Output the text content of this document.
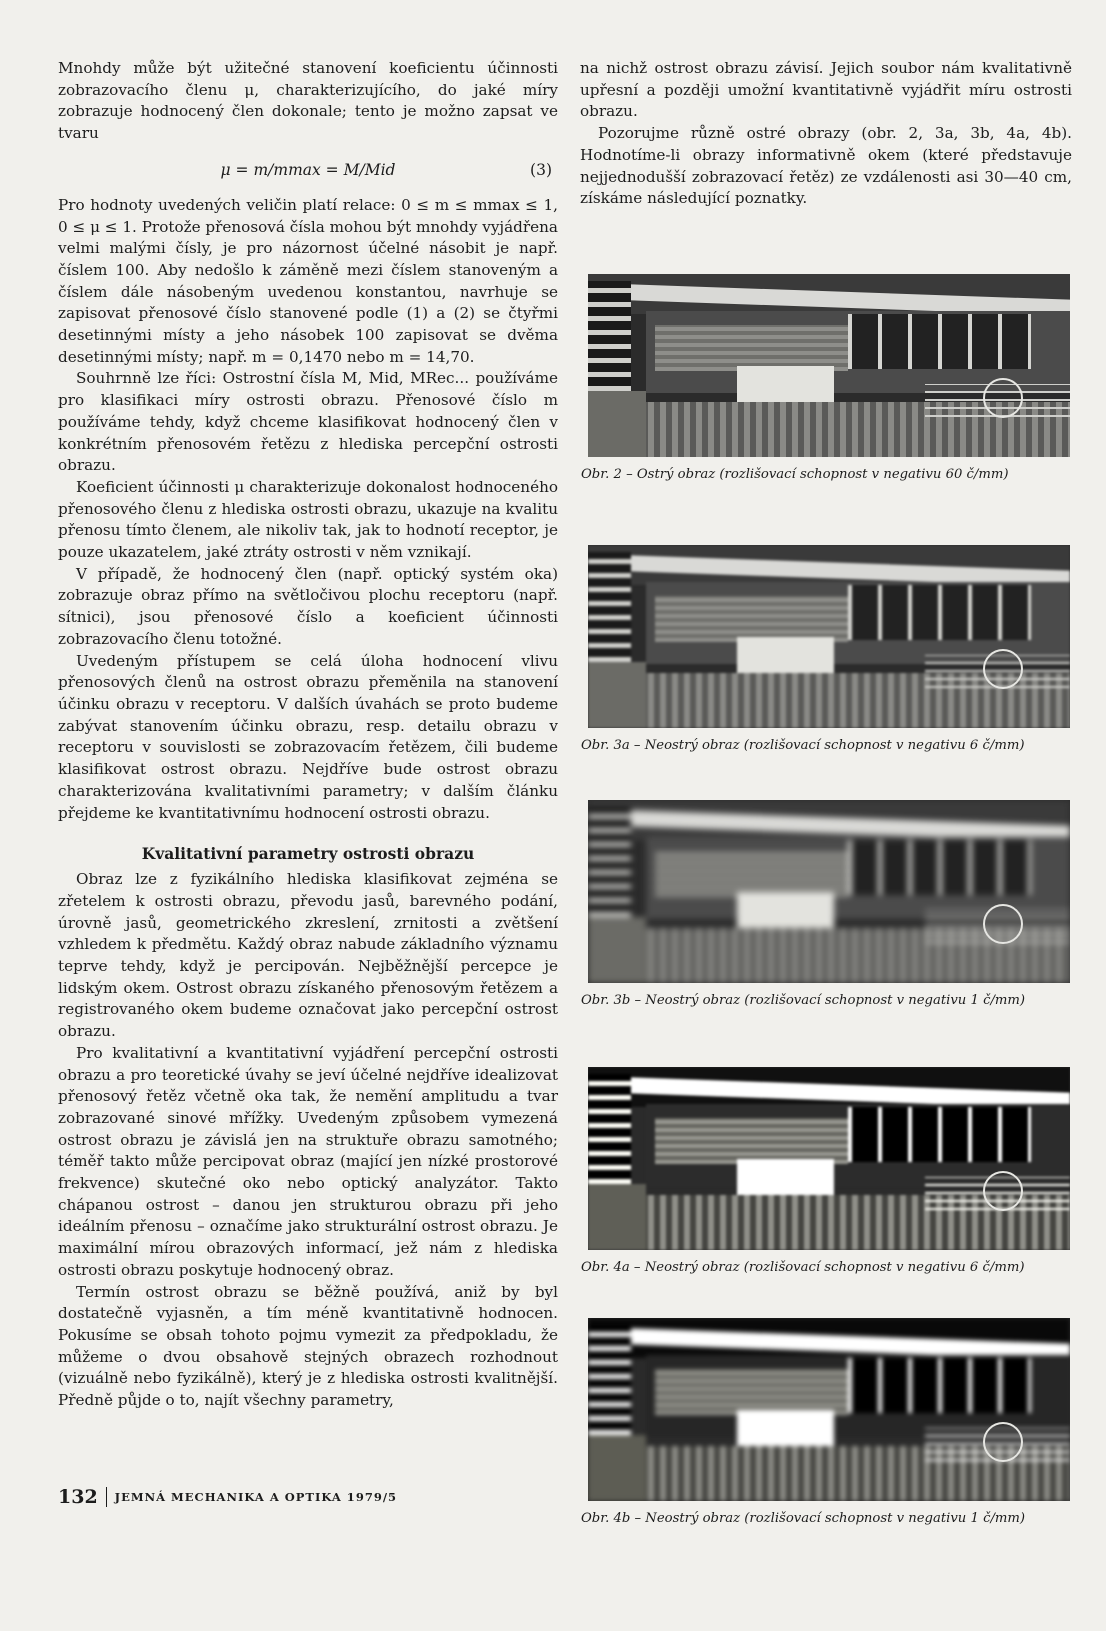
Mnohdy může být užitečné stanovení koeficientu účinnosti zobrazovacího členu μ, charakterizujícího, do jaké míry zobrazuje hodnocený člen dokonale; tento je možno zapsat ve tvaru

μ = m/mmax = M/Mid	(3)

Pro hodnoty uvedených veličin platí relace: 0 ≤ m ≤ mmax ≤ 1, 0 ≤ μ ≤ 1. Protože přenosová čísla mohou být mnohdy vyjádřena velmi malými čísly, je pro názornost účelné násobit je např. číslem 100. Aby nedošlo k záměně mezi číslem stanoveným a číslem dále násobeným uvedenou konstantou, navrhuje se zapisovat přenosové číslo stanovené podle (1) a (2) se čtyřmi desetinnými místy a jeho násobek 100 zapisovat se dvěma desetinnými místy; např. m = 0,1470 nebo m = 14,70.

Souhrnně lze říci: Ostrostní čísla M, Mid, MRec... používáme pro klasifikaci míry ostrosti obrazu. Přenosové číslo m používáme tehdy, když chceme klasifikovat hodnocený člen v konkrétním přenosovém řetězu z hlediska percepční ostrosti obrazu.

Koeficient účinnosti μ charakterizuje dokonalost hodnoceného přenosového členu z hlediska ostrosti obrazu, ukazuje na kvalitu přenosu tímto členem, ale nikoliv tak, jak to hodnotí receptor, je pouze ukazatelem, jaké ztráty ostrosti v něm vznikají.

V případě, že hodnocený člen (např. optický systém oka) zobrazuje obraz přímo na světločivou plochu receptoru (např. sítnici), jsou přenosové číslo a koeficient účinnosti zobrazovacího členu totožné.

Uvedeným přístupem se celá úloha hodnocení vlivu přenosových členů na ostrost obrazu přeměnila na stanovení účinku obrazu v receptoru. V dalších úvahách se proto budeme zabývat stanovením účinku obrazu, resp. detailu obrazu v receptoru v souvislosti se zobrazovacím řetězem, čili budeme klasifikovat ostrost obrazu. Nejdříve bude ostrost obrazu charakterizována kvalitativními parametry; v dalším článku přejdeme ke kvantitativnímu hodnocení ostrosti obrazu.

Kvalitativní parametry ostrosti obrazu

Obraz lze z fyzikálního hlediska klasifikovat zejména se zřetelem k ostrosti obrazu, převodu jasů, barevného podání, úrovně jasů, geometrického zkreslení, zrnitosti a zvětšení vzhledem k předmětu. Každý obraz nabude základního významu teprve tehdy, když je percipován. Nejběžnější percepce je lidským okem. Ostrost obrazu získaného přenosovým řetězem a registrovaného okem budeme označovat jako percepční ostrost obrazu.

Pro kvalitativní a kvantitativní vyjádření percepční ostrosti obrazu a pro teoretické úvahy se jeví účelné nejdříve idealizovat přenosový řetěz včetně oka tak, že nemění amplitudu a tvar zobrazované sinové mřížky. Uvedeným způsobem vymezená ostrost obrazu je závislá jen na struktuře obrazu samotného; téměř takto může percipovat obraz (mající jen nízké prostorové frekvence) skutečné oko nebo optický analyzátor. Takto chápanou ostrost – danou jen strukturou obrazu při jeho ideálním přenosu – označíme jako strukturální ostrost obrazu. Je maximální mírou obrazových informací, jež nám z hlediska ostrosti obrazu poskytuje hodnocený obraz.

Termín ostrost obrazu se běžně používá, aniž by byl dostatečně vyjasněn, a tím méně kvantitativně hodnocen. Pokusíme se obsah tohoto pojmu vymezit za předpokladu, že můžeme o dvou obsahově stejných obrazech rozhodnout (vizuálně nebo fyzikálně), který je z hlediska ostrosti kvalitnější. Předně půjde o to, najít všechny parametry,

na nichž ostrost obrazu závisí. Jejich soubor nám kvalitativně upřesní a později umožní kvantitativně vyjádřit míru ostrosti obrazu.

Pozorujme různě ostré obrazy (obr. 2, 3a, 3b, 4a, 4b). Hodnotíme-li obrazy informativně okem (které představuje nejjednodušší zobrazovací řetěz) ze vzdálenosti asi 30—40 cm, získáme následující poznatky.

Obr. 2 – Ostrý obraz (rozlišovací schopnost v negativu 60 č/mm)
Obr. 3a – Neostrý obraz (rozlišovací schopnost v negativu 6 č/mm)
Obr. 3b – Neostrý obraz (rozlišovací schopnost v negativu 1 č/mm)
Obr. 4a – Neostrý obraz (rozlišovací schopnost v negativu 6 č/mm)
Obr. 4b – Neostrý obraz (rozlišovací schopnost v negativu 1 č/mm)
132 JEMNÁ MECHANIKA A OPTIKA 1979/5
